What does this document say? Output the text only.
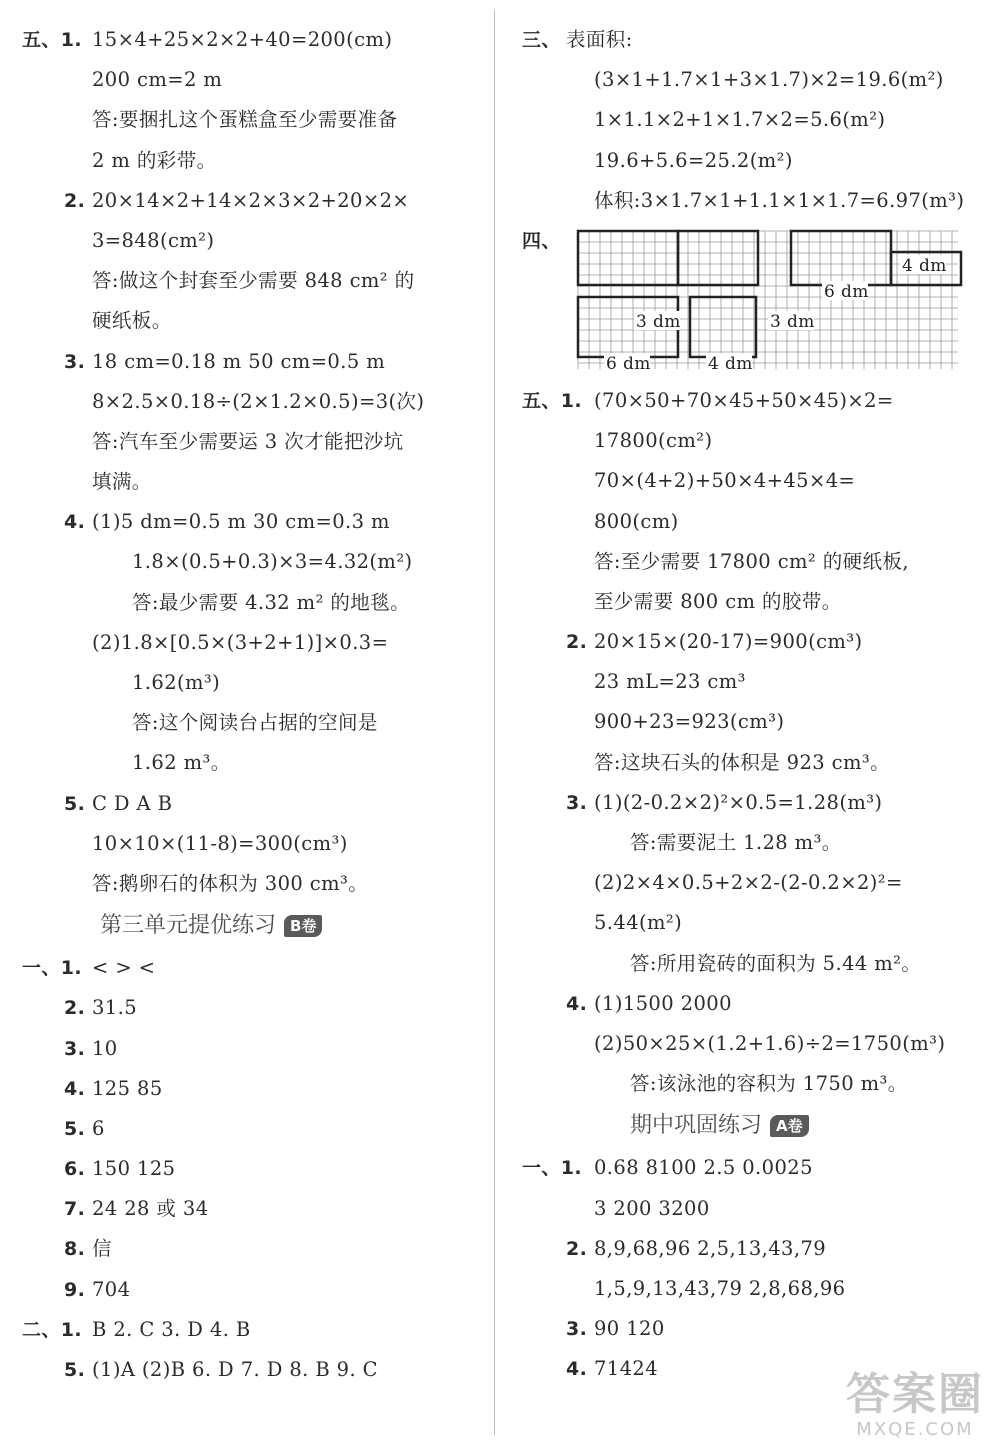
五、1. 15×4+25×2×2+40=200(cm)
200 cm=2 m
答:要捆扎这个蛋糕盒至少需要准备
2 m 的彩带。
2. 20×14×2+14×2×3×2+20×2×
3=848(cm²)
答:做这个封套至少需要 848 cm² 的
硬纸板。
3. 18 cm=0.18 m 50 cm=0.5 m
8×2.5×0.18÷(2×1.2×0.5)=3(次)
答:汽车至少需要运 3 次才能把沙坑
填满。
4. (1)5 dm=0.5 m 30 cm=0.3 m
1.8×(0.5+0.3)×3=4.32(m²)
答:最少需要 4.32 m² 的地毯。
(2)1.8×[0.5×(3+2+1)]×0.3=
1.62(m³)
答:这个阅读台占据的空间是
1.62 m³。
5. C D A B
10×10×(11-8)=300(cm³)
答:鹅卵石的体积为 300 cm³。
第三单元提优练习 B卷
一、1. < > <
2. 31.5
3. 10
4. 125 85
5. 6
6. 150 125
7. 24 28 或 34
8. 信
9. 704
二、1. B 2. C 3. D 4. B
5. (1)A (2)B 6. D 7. D 8. B 9. C
三、 表面积:
(3×1+1.7×1+3×1.7)×2=19.6(m²)
1×1.1×2+1×1.7×2=5.6(m²)
19.6+5.6=25.2(m²)
体积:3×1.7×1+1.1×1×1.7=6.97(m³)
四、
4 dm
6 dm
3 dm	3 dm
6 dm	4 dm
五、1. (70×50+70×45+50×45)×2=
17800(cm²)
70×(4+2)+50×4+45×4=
800(cm)
答:至少需要 17800 cm² 的硬纸板,
至少需要 800 cm 的胶带。
2. 20×15×(20-17)=900(cm³)
23 mL=23 cm³
900+23=923(cm³)
答:这块石头的体积是 923 cm³。
3. (1)(2-0.2×2)²×0.5=1.28(m³)
答:需要泥土 1.28 m³。
(2)2×4×0.5+2×2-(2-0.2×2)²=
5.44(m²)
答:所用瓷砖的面积为 5.44 m²。
4. (1)1500 2000
(2)50×25×(1.2+1.6)÷2=1750(m³)
答:该泳池的容积为 1750 m³。
期中巩固练习 A卷
一、1. 0.68 8100 2.5 0.0025
3 200 3200
2. 8,9,68,96 2,5,13,43,79
1,5,9,13,43,79 2,8,68,96
3. 90 120
4. 71424
答案圈
MXQE.COM
